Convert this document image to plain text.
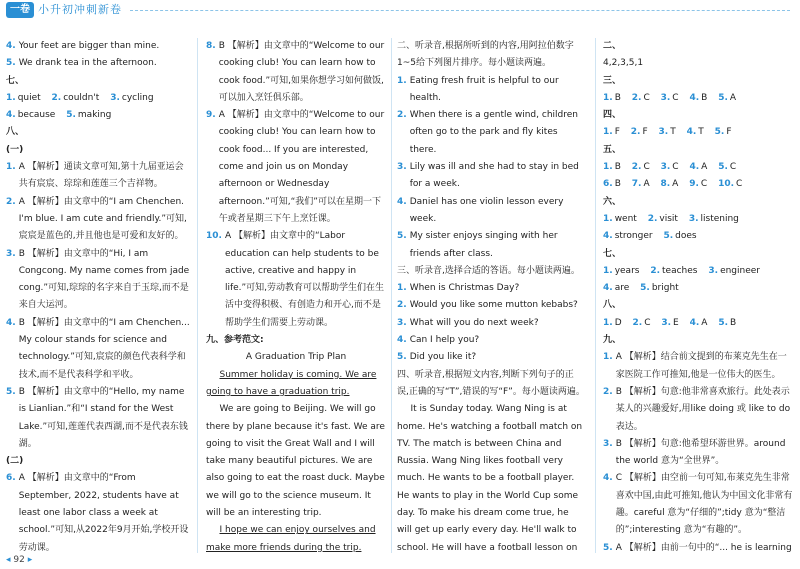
一卷 小升初冲刺新卷
4. Your feet are bigger than mine.
5. We drank tea in the afternoon.
七、
1. quiet 2. couldn't 3. cycling
4. because 5. making
八、
(一)
1. A 【解析】通读文章可知,第十九届亚运会共有宸宸、琮琮和莲莲三个吉祥物。
2. A 【解析】由文章中的“I am Chenchen. I'm blue. I am cute and friendly.”可知,宸宸是蓝色的,并且他也是可爱和友好的。
3. B 【解析】由文章中的“Hi, I am Congcong. My name comes from jade cong.”可知,琮琮的名字来自于玉琮,而不是来自大运河。
4. B 【解析】由文章中的“I am Chenchen... My colour stands for science and technology.”可知,宸宸的颜色代表科学和技术,而不是代表科学和平收。
5. B 【解析】由文章中的“Hello, my name is Lianlian.”和“I stand for the West Lake.”可知,莲莲代表西湖,而不是代表东钱湖。
(二)
6. A 【解析】由文章中的“From September, 2022, students have at least one labor class a week at school.”可知,从2022年9月开始,学校开设劳动课。
8. B 【解析】由文章中的“Welcome to our cooking club! You can learn how to cook food.”可知,如果你想学习如何做饭,可以加入烹饪俱乐部。
9. A 【解析】由文章中的“Welcome to our cooking club! You can learn how to cook food... If you are interested, come and join us on Monday afternoon or Wednesday afternoon.”可知,“我们”可以在星期一下午或者星期三下午上烹饪课。
10. A 【解析】由文章中的“Labor education can help students to be active, creative and happy in life.”可知,劳动教育可以帮助学生们在生活中变得积极、有创造力和开心,而不是帮助学生们需要上劳动课。
九、参考范文:
A Graduation Trip Plan
Summer holiday is coming. We are going to have a graduation trip.
We are going to Beijing. We will go there by plane because it's fast. We are going to visit the Great Wall and I will take many beautiful pictures. We are also going to eat the roast duck. Maybe we will go to the science museum. It will be an interesting trip.
I hope we can enjoy ourselves and make more friends during the trip.

二、听录音,根据所听到的内容,用阿拉伯数字1~5给下列图片排序。每小题读两遍。
1. Eating fresh fruit is helpful to our health.
2. When there is a gentle wind, children often go to the park and fly kites there.
3. Lily was ill and she had to stay in bed for a week.
4. Daniel has one violin lesson every week.
5. My sister enjoys singing with her friends after class.
三、听录音,选择合适的答语。每小题读两遍。
1. When is Christmas Day?
2. Would you like some mutton kebabs?
3. What will you do next week?
4. Can I help you?
5. Did you like it?
四、听录音,根据短文内容,判断下列句子的正误,正确的写“T”,错误的写“F”。每小题读两遍。
It is Sunday today. Wang Ning is at home. He's watching a football match on TV. The match is between China and Russia. Wang Ning likes football very much. He wants to be a football player. He wants to play in the World Cup some day. To make his dream come true, he will get up early every day. He'll walk to school. He will have a football lesson on

二、
4,2,3,5,1
三、
1. B 2. C 3. C 4. B 5. A
四、
1. F 2. F 3. T 4. T 5. F
五、
1. B 2. C 3. C 4. A 5. C
6. B 7. A 8. A 9. C 10. C
六、
1. went 2. visit 3. listening
4. stronger 5. does
七、
1. years 2. teaches 3. engineer
4. are 5. bright
八、
1. D 2. C 3. E 4. A 5. B
九、
1. A 【解析】结合前文提到的布莱克先生在一家医院工作可推知,他是一位伟大的医生。
2. B 【解析】句意:他非常喜欢旅行。此处表示某人的兴趣爱好,用like doing 或 like to do 表达。
3. B 【解析】句意:他希望环游世界。around the world 意为“全世界”。
4. C 【解析】由空前一句可知,布莱克先生非常喜欢中国,由此可推知,他认为中国文化非常有趣。careful 意为“仔细的”;tidy 意为“整洁的”;interesting 意为“有趣的”。
5. A 【解析】由前一句中的“... he is learning
◂ 92 ▸
